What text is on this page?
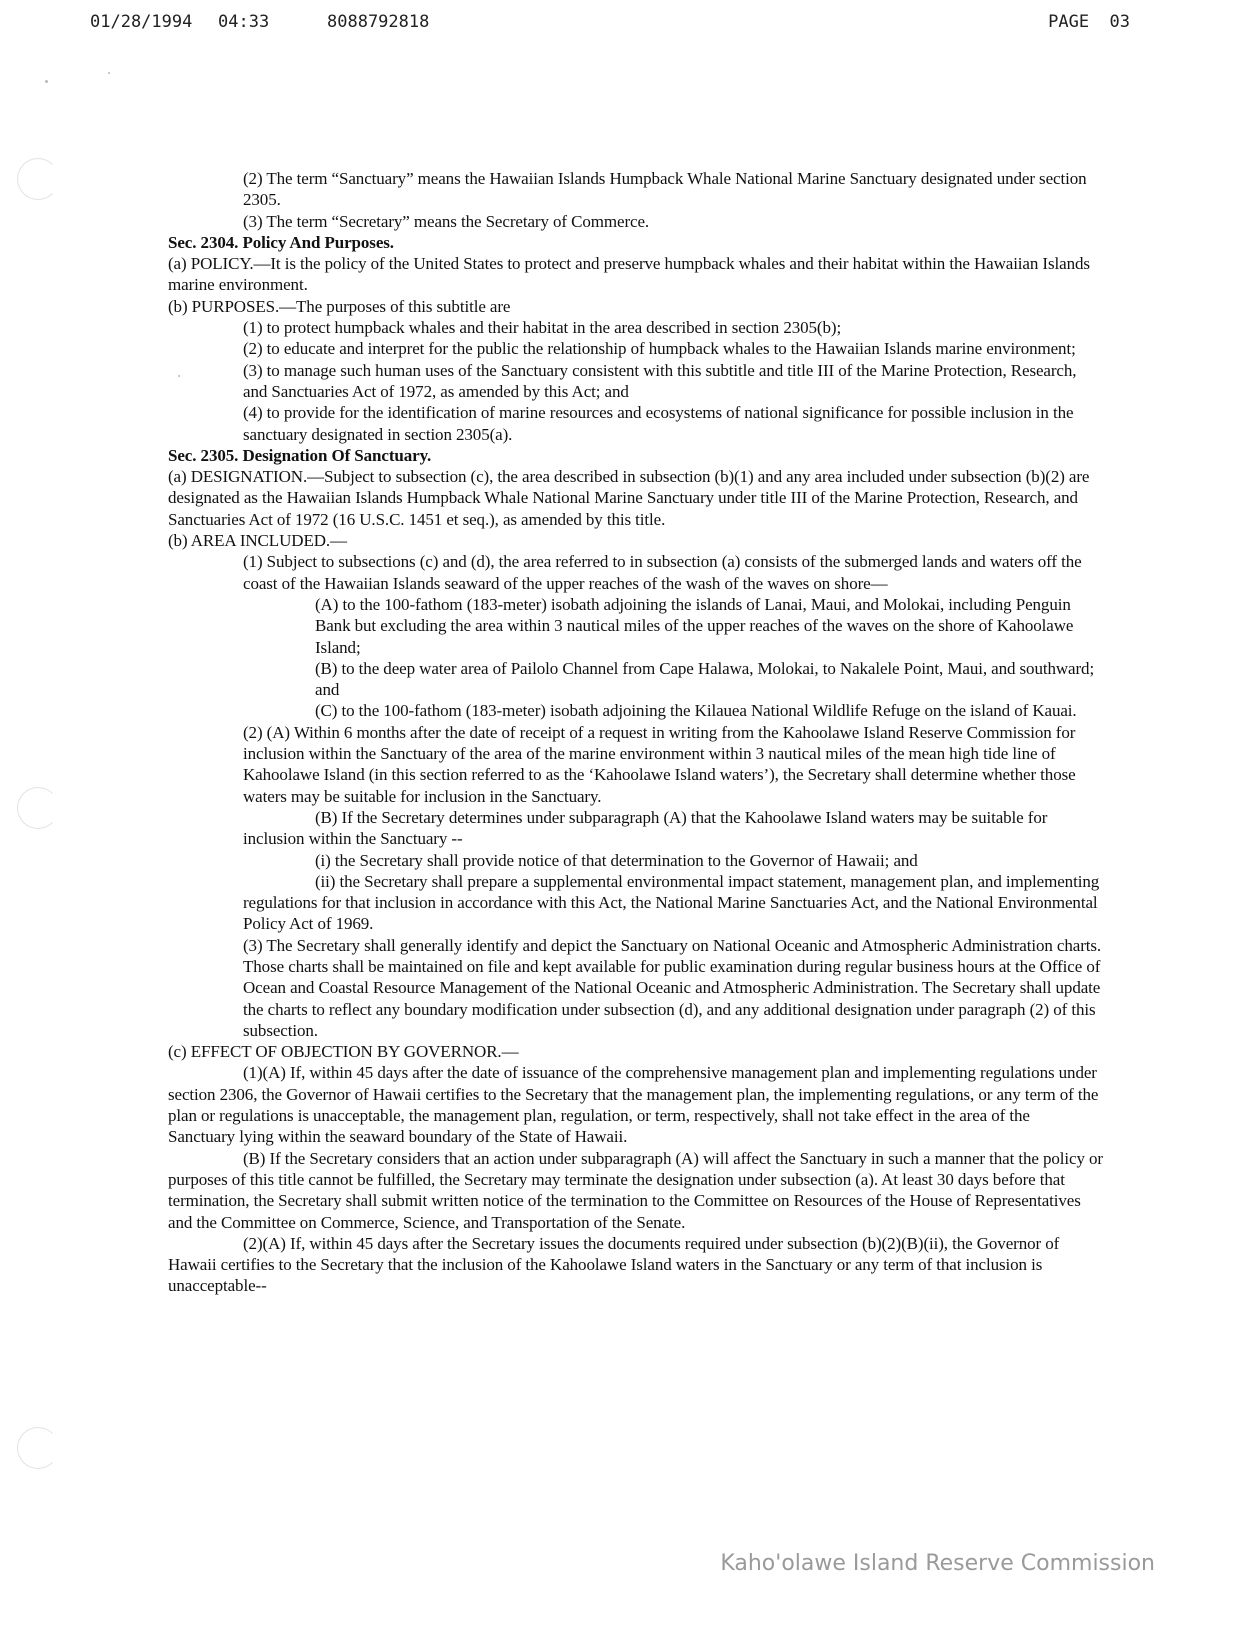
01/28/1994 04:33	8088792818	PAGE  03

(2) The term “Sanctuary” means the Hawaiian Islands Humpback Whale National Marine Sanctuary designated under section 2305.

(3) The term “Secretary” means the Secretary of Commerce.

Sec. 2304. Policy And Purposes.

(a) POLICY.—It is the policy of the United States to protect and preserve humpback whales and their habitat within the Hawaiian Islands marine environment.

(b) PURPOSES.—The purposes of this subtitle are

(1) to protect humpback whales and their habitat in the area described in section 2305(b);

(2) to educate and interpret for the public the relationship of humpback whales to the Hawaiian Islands marine environment;

(3) to manage such human uses of the Sanctuary consistent with this subtitle and title III of the Marine Protection, Research, and Sanctuaries Act of 1972, as amended by this Act; and

(4) to provide for the identification of marine resources and ecosystems of national significance for possible inclusion in the sanctuary designated in section 2305(a).

Sec. 2305. Designation Of Sanctuary.

(a) DESIGNATION.—Subject to subsection (c), the area described in subsection (b)(1) and any area included under subsection (b)(2) are designated as the Hawaiian Islands Humpback Whale National Marine Sanctuary under title III of the Marine Protection, Research, and Sanctuaries Act of 1972 (16 U.S.C. 1451 et seq.), as amended by this title.

(b) AREA INCLUDED.—

(1) Subject to subsections (c) and (d), the area referred to in subsection (a) consists of the submerged lands and waters off the coast of the Hawaiian Islands seaward of the upper reaches of the wash of the waves on shore—

(A) to the 100-fathom (183-meter) isobath adjoining the islands of Lanai, Maui, and Molokai, including Penguin Bank but excluding the area within 3 nautical miles of the upper reaches of the waves on the shore of Kahoolawe Island;

(B) to the deep water area of Pailolo Channel from Cape Halawa, Molokai, to Nakalele Point, Maui, and southward; and

(C) to the 100-fathom (183-meter) isobath adjoining the Kilauea National Wildlife Refuge on the island of Kauai.

(2) (A) Within 6 months after the date of receipt of a request in writing from the Kahoolawe Island Reserve Commission for inclusion within the Sanctuary of the area of the marine environment within 3 nautical miles of the mean high tide line of Kahoolawe Island (in this section referred to as the ‘Kahoolawe Island waters’), the Secretary shall determine whether those waters may be suitable for inclusion in the Sanctuary.

(B) If the Secretary determines under subparagraph (A) that the Kahoolawe Island waters may be suitable for inclusion within the Sanctuary --

(i) the Secretary shall provide notice of that determination to the Governor of Hawaii; and

(ii) the Secretary shall prepare a supplemental environmental impact statement, management plan, and implementing regulations for that inclusion in accordance with this Act, the National Marine Sanctuaries Act, and the National Environmental Policy Act of 1969.

(3) The Secretary shall generally identify and depict the Sanctuary on National Oceanic and Atmospheric Administration charts. Those charts shall be maintained on file and kept available for public examination during regular business hours at the Office of Ocean and Coastal Resource Management of the National Oceanic and Atmospheric Administration. The Secretary shall update the charts to reflect any boundary modification under subsection (d), and any additional designation under paragraph (2) of this subsection.

(c) EFFECT OF OBJECTION BY GOVERNOR.—

(1)(A) If, within 45 days after the date of issuance of the comprehensive management plan and implementing regulations under section 2306, the Governor of Hawaii certifies to the Secretary that the management plan, the implementing regulations, or any term of the plan or regulations is unacceptable, the management plan, regulation, or term, respectively, shall not take effect in the area of the

Sanctuary lying within the seaward boundary of the State of Hawaii.

(B) If the Secretary considers that an action under subparagraph (A) will affect the Sanctuary in such a manner that the policy or purposes of this title cannot be fulfilled, the Secretary may terminate the designation under subsection (a). At least 30 days before that termination, the Secretary shall submit written notice of the termination to the Committee on Resources of the House of Representatives and the Committee on Commerce, Science, and Transportation of the Senate.

(2)(A) If, within 45 days after the Secretary issues the documents required under subsection (b)(2)(B)(ii), the Governor of Hawaii certifies to the Secretary that the inclusion of the Kahoolawe Island waters in the Sanctuary or any term of that inclusion is unacceptable--

Kaho'olawe Island Reserve Commission
